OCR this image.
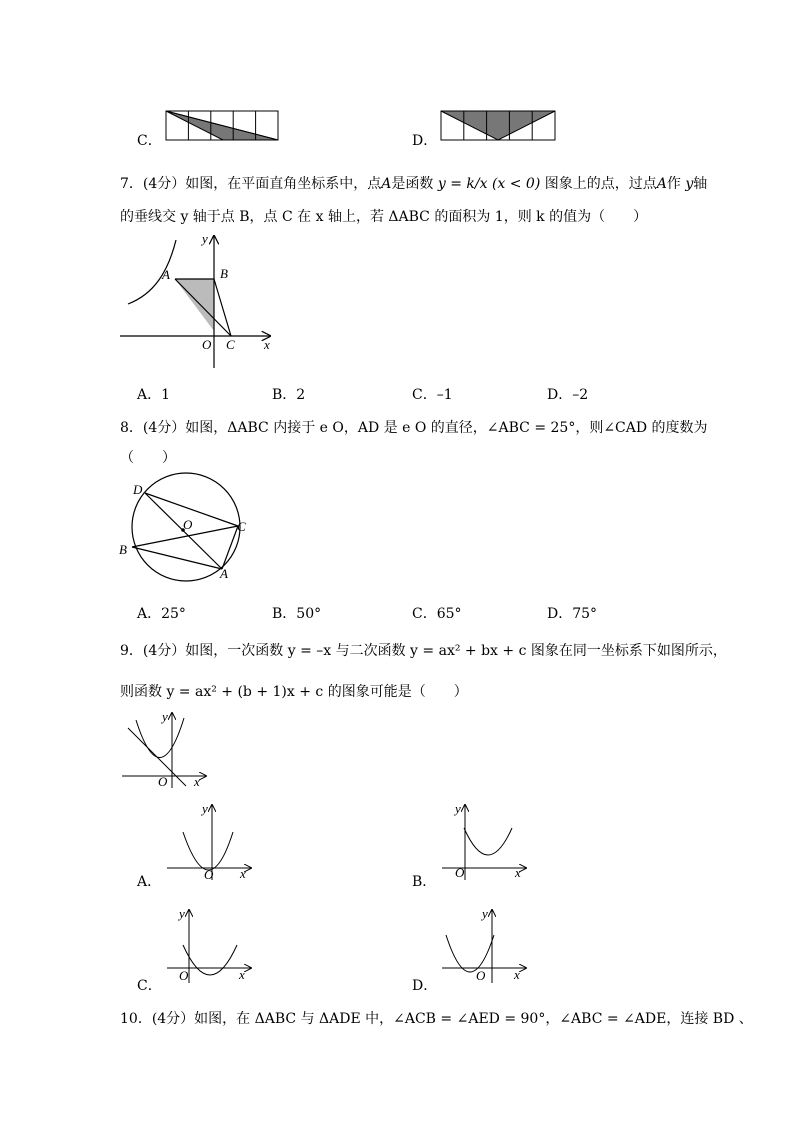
C．	D．
7．(4分）如图，在平面直角坐标系中，点A是函数 y = k/x (x < 0) 图象上的点，过点A作 y轴
的垂线交 y 轴于点 B，点 C 在 x 轴上，若 ΔABC 的面积为 1，则 k 的值为（　　）
y
A	B
O C x
A．1	B．2	C．–1	D．–2
8．(4分）如图，ΔABC 内接于 e O，AD 是 e O 的直径，∠ABC = 25°，则∠CAD 的度数为
（　　）
D
O	C
B
A
A．25°	B．50°	C．65°	D．75°
9．(4分）如图，一次函数 y = –x 与二次函数 y = ax² + bx + c 图象在同一坐标系下如图所示，
则函数 y = ax² + (b + 1)x + c 的图象可能是（　　）
y
O x
A．
y
O x
B．
y
O	x
C．
y
O	x
D．
y
O x
10．(4分）如图，在 ΔABC 与 ΔADE 中，∠ACB = ∠AED = 90°，∠ABC = ∠ADE，连接 BD 、
